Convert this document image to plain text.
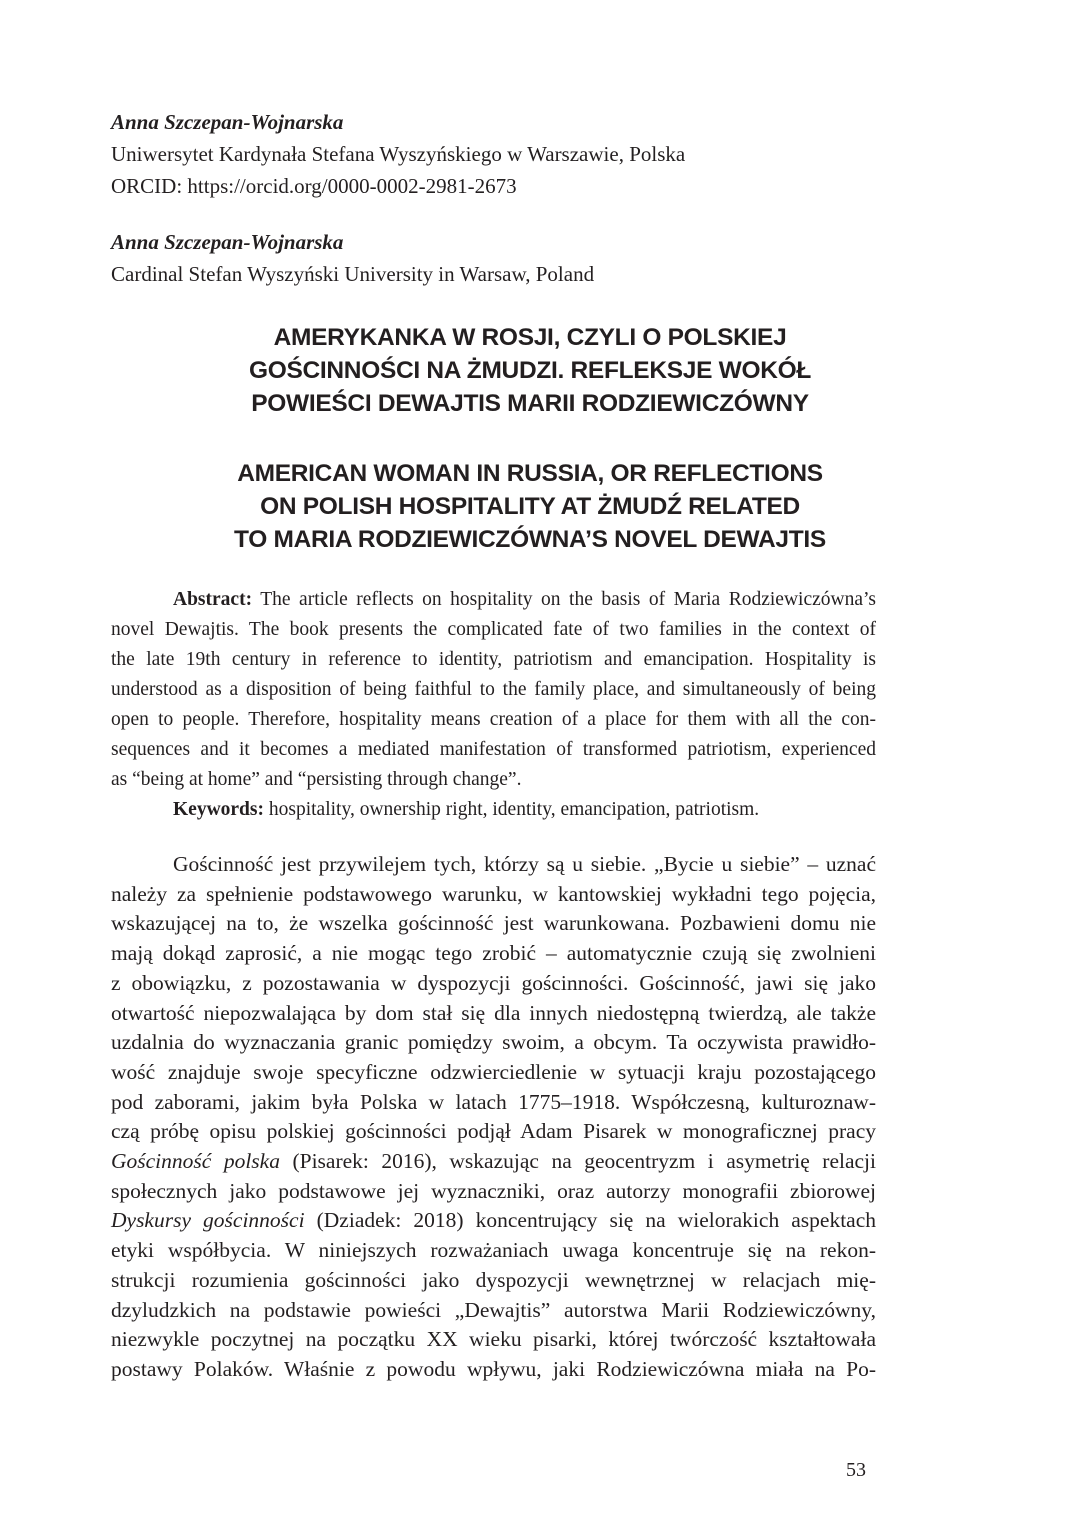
Anna Szczepan-Wojnarska
Uniwersytet Kardynała Stefana Wyszyńskiego w Warszawie, Polska
ORCID: https://orcid.org/0000-0002-2981-2673
Anna Szczepan-Wojnarska
Cardinal Stefan Wyszyński University in Warsaw, Poland
AMERYKANKA W ROSJI, CZYLI O POLSKIEJ
GOŚCINNOŚCI NA ŻMUDZI. REFLEKSJE WOKÓŁ
POWIEŚCI DEWAJTIS MARII RODZIEWICZÓWNY
AMERICAN WOMAN IN RUSSIA, OR REFLECTIONS
ON POLISH HOSPITALITY AT ŻMUDŹ RELATED
TO MARIA RODZIEWICZÓWNA’S NOVEL DEWAJTIS
Abstract: The article reflects on hospitality on the basis of Maria Rodziewiczówna’s
novel Dewajtis. The book presents the complicated fate of two families in the context of
the late 19th century in reference to identity, patriotism and emancipation. Hospitality is
understood as a disposition of being faithful to the family place, and simultaneously of being
open to people. Therefore, hospitality means creation of a place for them with all the con-
sequences and it becomes a mediated manifestation of transformed patriotism, experienced
as “being at home” and “persisting through change”.
Keywords: hospitality, ownership right, identity, emancipation, patriotism.
Gościnność jest przywilejem tych, którzy są u siebie. „Bycie u siebie” – uznać
należy za spełnienie podstawowego warunku, w kantowskiej wykładni tego pojęcia,
wskazującej na to, że wszelka gościnność jest warunkowana. Pozbawieni domu nie
mają dokąd zaprosić, a nie mogąc tego zrobić – automatycznie czują się zwolnieni
z obowiązku, z pozostawania w dyspozycji gościnności. Gościnność, jawi się jako
otwartość niepozwalająca by dom stał się dla innych niedostępną twierdzą, ale także
uzdalnia do wyznaczania granic pomiędzy swoim, a obcym. Ta oczywista prawidło-
wość znajduje swoje specyficzne odzwierciedlenie w sytuacji kraju pozostającego
pod zaborami, jakim była Polska w latach 1775–1918. Współczesną, kulturoznaw-
czą próbę opisu polskiej gościnności podjął Adam Pisarek w monograficznej pracy
Gościnność polska (Pisarek: 2016), wskazując na geocentryzm i asymetrię relacji
społecznych jako podstawowe jej wyznaczniki, oraz autorzy monografii zbiorowej
Dyskursy gościnności (Dziadek: 2018) koncentrujący się na wielorakich aspektach
etyki współbycia. W niniejszych rozważaniach uwaga koncentruje się na rekon-
strukcji rozumienia gościnności jako dyspozycji wewnętrznej w relacjach mię-
dzyludzkich na podstawie powieści „Dewajtis” autorstwa Marii Rodziewiczówny,
niezwykle poczytnej na początku XX wieku pisarki, której twórczość kształtowała
postawy Polaków. Właśnie z powodu wpływu, jaki Rodziewiczówna miała na Po-
53
